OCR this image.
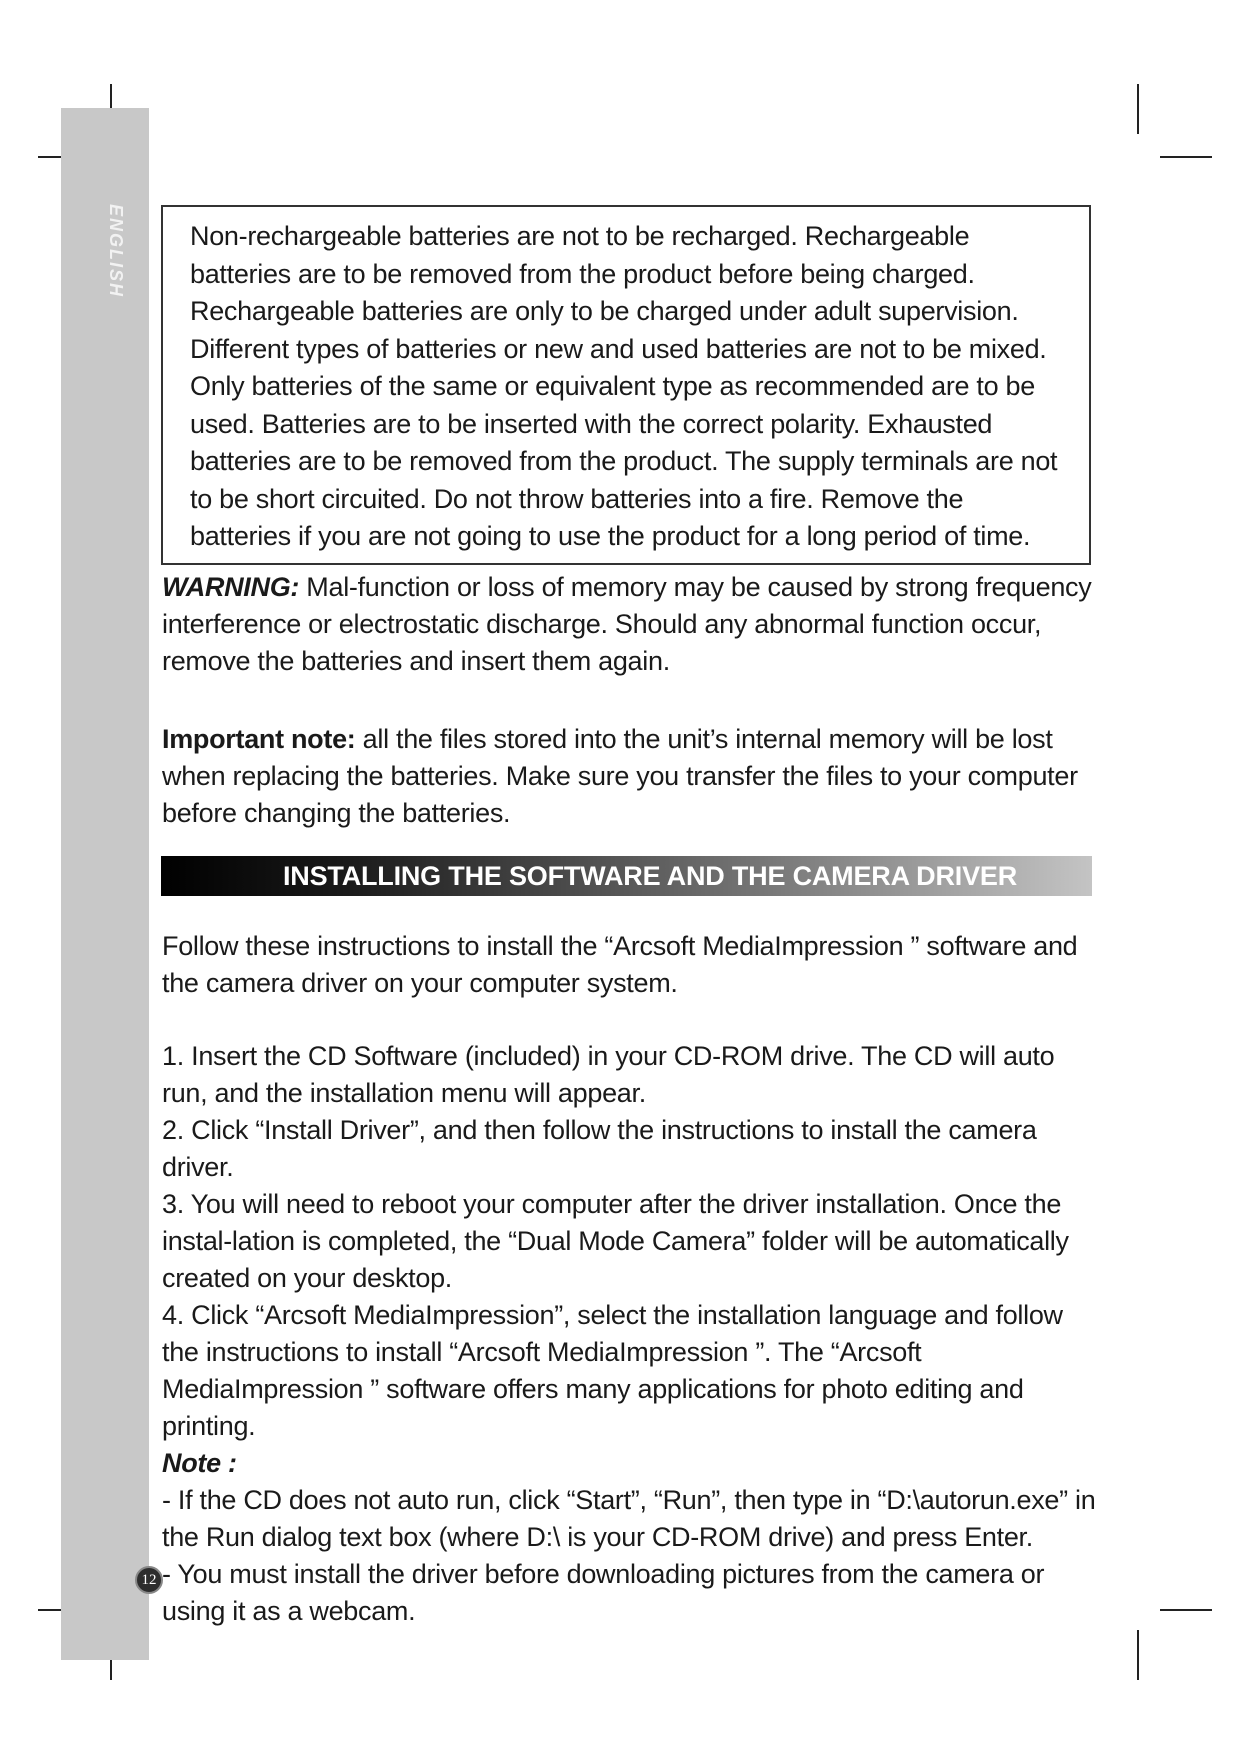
ENGLISH
12
Non-rechargeable batteries are not to be recharged. Rechargeable batteries are to be removed from the product before being charged. Rechargeable batteries are only to be charged under adult supervision. Different types of batteries or new and used batteries are not to be mixed. Only batteries of the same or equivalent type as recommended are to be used. Batteries are to be inserted with the correct polarity. Exhausted batteries are to be removed from the product. The supply terminals are not to be short circuited. Do not throw batteries into a fire. Remove the batteries if you are not going to use the product for a long period of time.

WARNING: Mal-function or loss of memory may be caused by strong frequency interference or electrostatic discharge. Should any abnormal function occur, remove the batteries and insert them again.

Important note: all the files stored into the unit’s internal memory will be lost when replacing the batteries. Make sure you transfer the files to your computer before changing the batteries.

INSTALLING THE SOFTWARE AND THE CAMERA DRIVER

Follow these instructions to install the “Arcsoft MediaImpression ” software and the camera driver on your computer system.

1. Insert the CD Software (included) in your CD-ROM drive. The CD will auto run, and the installation menu will appear.
2. Click “Install Driver”, and then follow the instructions to install the camera driver.
3. You will need to reboot your computer after the driver installation. Once the instal-lation is completed, the “Dual Mode Camera” folder will be automatically created on your desktop.
4. Click “Arcsoft MediaImpression”, select the installation language and follow the instructions to install “Arcsoft MediaImpression ”. The “Arcsoft MediaImpression ” software offers many applications for photo editing and printing.
Note :
- If the CD does not auto run, click “Start”, “Run”, then type in “D:\autorun.exe” in the Run dialog text box (where D:\ is your CD-ROM drive) and press Enter.
- You must install the driver before downloading pictures from the camera or using it as a webcam.
